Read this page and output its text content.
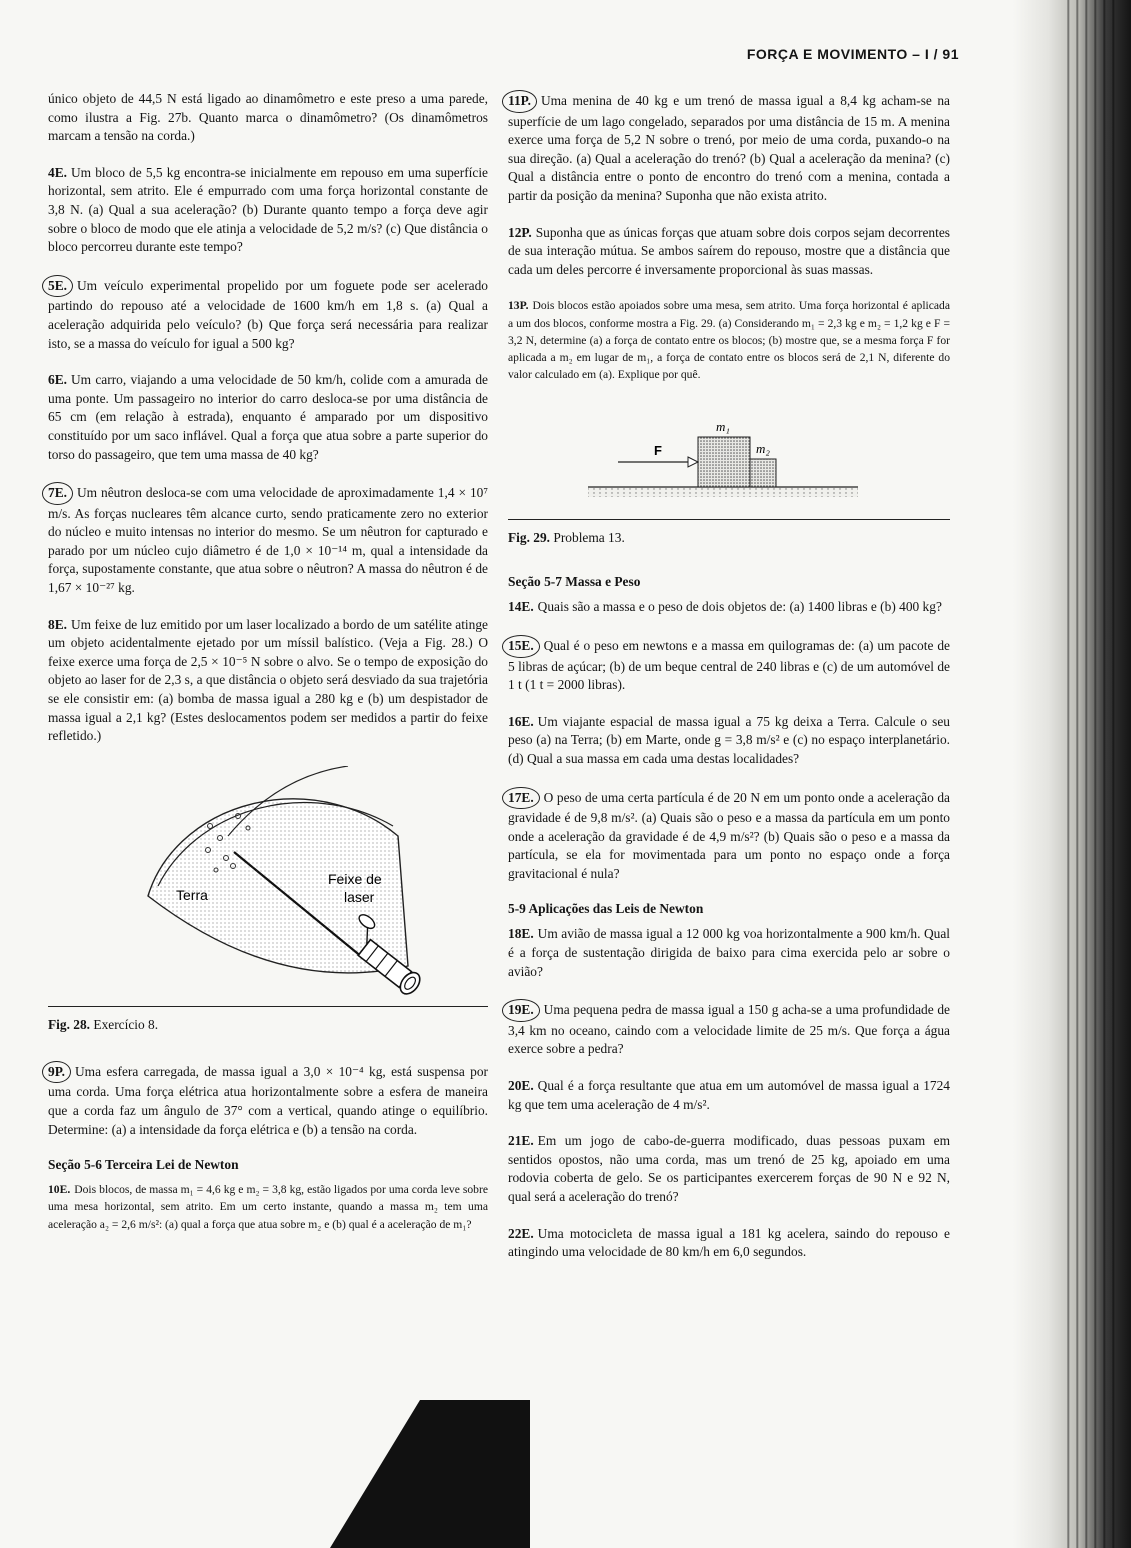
FORÇA E MOVIMENTO – I / 91

único objeto de 44,5 N está ligado ao dinamômetro e este preso a uma parede, como ilustra a Fig. 27b. Quanto marca o dinamômetro? (Os dinamômetros marcam a tensão na corda.)

4E. Um bloco de 5,5 kg encontra-se inicialmente em repouso em uma superfície horizontal, sem atrito. Ele é empurrado com uma força horizontal constante de 3,8 N. (a) Qual a sua aceleração? (b) Durante quanto tempo a força deve agir sobre o bloco de modo que ele atinja a velocidade de 5,2 m/s? (c) Que distância o bloco percorreu durante este tempo?

5E. Um veículo experimental propelido por um foguete pode ser acelerado partindo do repouso até a velocidade de 1600 km/h em 1,8 s. (a) Qual a aceleração adquirida pelo veículo? (b) Que força será necessária para realizar isto, se a massa do veículo for igual a 500 kg?

6E. Um carro, viajando a uma velocidade de 50 km/h, colide com a amurada de uma ponte. Um passageiro no interior do carro desloca-se por uma distância de 65 cm (em relação à estrada), enquanto é amparado por um dispositivo constituído por um saco inflável. Qual a força que atua sobre a parte superior do torso do passageiro, que tem uma massa de 40 kg?

7E. Um nêutron desloca-se com uma velocidade de aproximadamente 1,4 × 10⁷ m/s. As forças nucleares têm alcance curto, sendo praticamente zero no exterior do núcleo e muito intensas no interior do mesmo. Se um nêutron for capturado e parado por um núcleo cujo diâmetro é de 1,0 × 10⁻¹⁴ m, qual a intensidade da força, supostamente constante, que atua sobre o nêutron? A massa do nêutron é de 1,67 × 10⁻²⁷ kg.

8E. Um feixe de luz emitido por um laser localizado a bordo de um satélite atinge um objeto acidentalmente ejetado por um míssil balístico. (Veja a Fig. 28.) O feixe exerce uma força de 2,5 × 10⁻⁵ N sobre o alvo. Se o tempo de exposição do objeto ao laser for de 2,3 s, a que distância o objeto será desviado da sua trajetória se ele consistir em: (a) bomba de massa igual a 280 kg e (b) um despistador de massa igual a 2,1 kg? (Estes deslocamentos podem ser medidos a partir do feixe refletido.)

Terra
Feixe de
laser
Fig. 28. Exercício 8.

9P. Uma esfera carregada, de massa igual a 3,0 × 10⁻⁴ kg, está suspensa por uma corda. Uma força elétrica atua horizontalmente sobre a esfera de maneira que a corda faz um ângulo de 37° com a vertical, quando atinge o equilíbrio. Determine: (a) a intensidade da força elétrica e (b) a tensão na corda.

Seção 5-6 Terceira Lei de Newton

10E. Dois blocos, de massa m₁ = 4,6 kg e m₂ = 3,8 kg, estão ligados por uma corda leve sobre uma mesa horizontal, sem atrito. Em um certo instante, quando a massa m₂ tem uma aceleração a₂ = 2,6 m/s²: (a) qual a força que atua sobre m₂ e (b) qual é a aceleração de m₁?

11P. Uma menina de 40 kg e um trenó de massa igual a 8,4 kg acham-se na superfície de um lago congelado, separados por uma distância de 15 m. A menina exerce uma força de 5,2 N sobre o trenó, por meio de uma corda, puxando-o na sua direção. (a) Qual a aceleração do trenó? (b) Qual a aceleração da menina? (c) Qual a distância entre o ponto de encontro do trenó com a menina, contada a partir da posição da menina? Suponha que não exista atrito.

12P. Suponha que as únicas forças que atuam sobre dois corpos sejam decorrentes de sua interação mútua. Se ambos saírem do repouso, mostre que a distância que cada um deles percorre é inversamente proporcional às suas massas.

13P. Dois blocos estão apoiados sobre uma mesa, sem atrito. Uma força horizontal é aplicada a um dos blocos, conforme mostra a Fig. 29. (a) Considerando m₁ = 2,3 kg e m₂ = 1,2 kg e F = 3,2 N, determine (a) a força de contato entre os blocos; (b) mostre que, se a mesma força F for aplicada a m₂ em lugar de m₁, a força de contato entre os blocos será de 2,1 N, diferente do valor calculado em (a). Explique por quê.

m₁
m₂
F
Fig. 29. Problema 13.
Seção 5-7 Massa e Peso

14E. Quais são a massa e o peso de dois objetos de: (a) 1400 libras e (b) 400 kg?

15E. Qual é o peso em newtons e a massa em quilogramas de: (a) um pacote de 5 libras de açúcar; (b) de um beque central de 240 libras e (c) de um automóvel de 1 t (1 t = 2000 libras).

16E. Um viajante espacial de massa igual a 75 kg deixa a Terra. Calcule o seu peso (a) na Terra; (b) em Marte, onde g = 3,8 m/s² e (c) no espaço interplanetário. (d) Qual a sua massa em cada uma destas localidades?

17E. O peso de uma certa partícula é de 20 N em um ponto onde a aceleração da gravidade é de 9,8 m/s². (a) Quais são o peso e a massa da partícula em um ponto onde a aceleração da gravidade é de 4,9 m/s²? (b) Quais são o peso e a massa da partícula, se ela for movimentada para um ponto no espaço onde a força gravitacional é nula?

5-9 Aplicações das Leis de Newton

18E. Um avião de massa igual a 12 000 kg voa horizontalmente a 900 km/h. Qual é a força de sustentação dirigida de baixo para cima exercida pelo ar sobre o avião?

19E. Uma pequena pedra de massa igual a 150 g acha-se a uma profundidade de 3,4 km no oceano, caindo com a velocidade limite de 25 m/s. Que força a água exerce sobre a pedra?

20E. Qual é a força resultante que atua em um automóvel de massa igual a 1724 kg que tem uma aceleração de 4 m/s².

21E. Em um jogo de cabo-de-guerra modificado, duas pessoas puxam em sentidos opostos, não uma corda, mas um trenó de 25 kg, apoiado em uma rodovia coberta de gelo. Se os participantes exercerem forças de 90 N e 92 N, qual será a aceleração do trenó?

22E. Uma motocicleta de massa igual a 181 kg acelera, saindo do repouso e atingindo uma velocidade de 80 km/h em 6,0 segundos.
